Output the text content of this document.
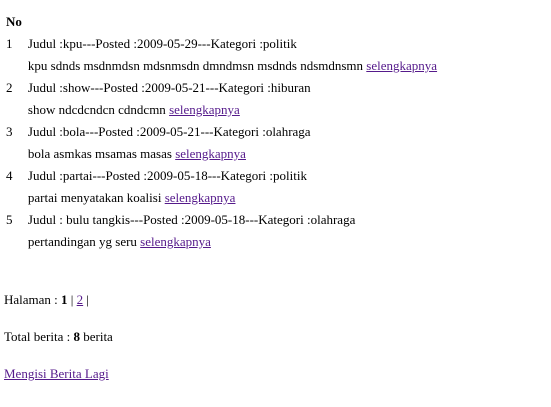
No	
1	Judul :kpu---Posted :2009-05-29---Kategori :politik
	kpu sdnds msdnmdsn mdsnmsdn dmndmsn msdnds ndsmdnsmn selengkapnya
2	Judul :show---Posted :2009-05-21---Kategori :hiburan
	show ndcdcndcn cdndcmn selengkapnya
3	Judul :bola---Posted :2009-05-21---Kategori :olahraga
	bola asmkas msamas masas selengkapnya
4	Judul :partai---Posted :2009-05-18---Kategori :politik
	partai menyatakan koalisi selengkapnya
5	Judul : bulu tangkis---Posted :2009-05-18---Kategori :olahraga
	pertandingan yg seru selengkapnya
Halaman : 1 | 2 |
Total berita : 8 berita
Mengisi Berita Lagi
